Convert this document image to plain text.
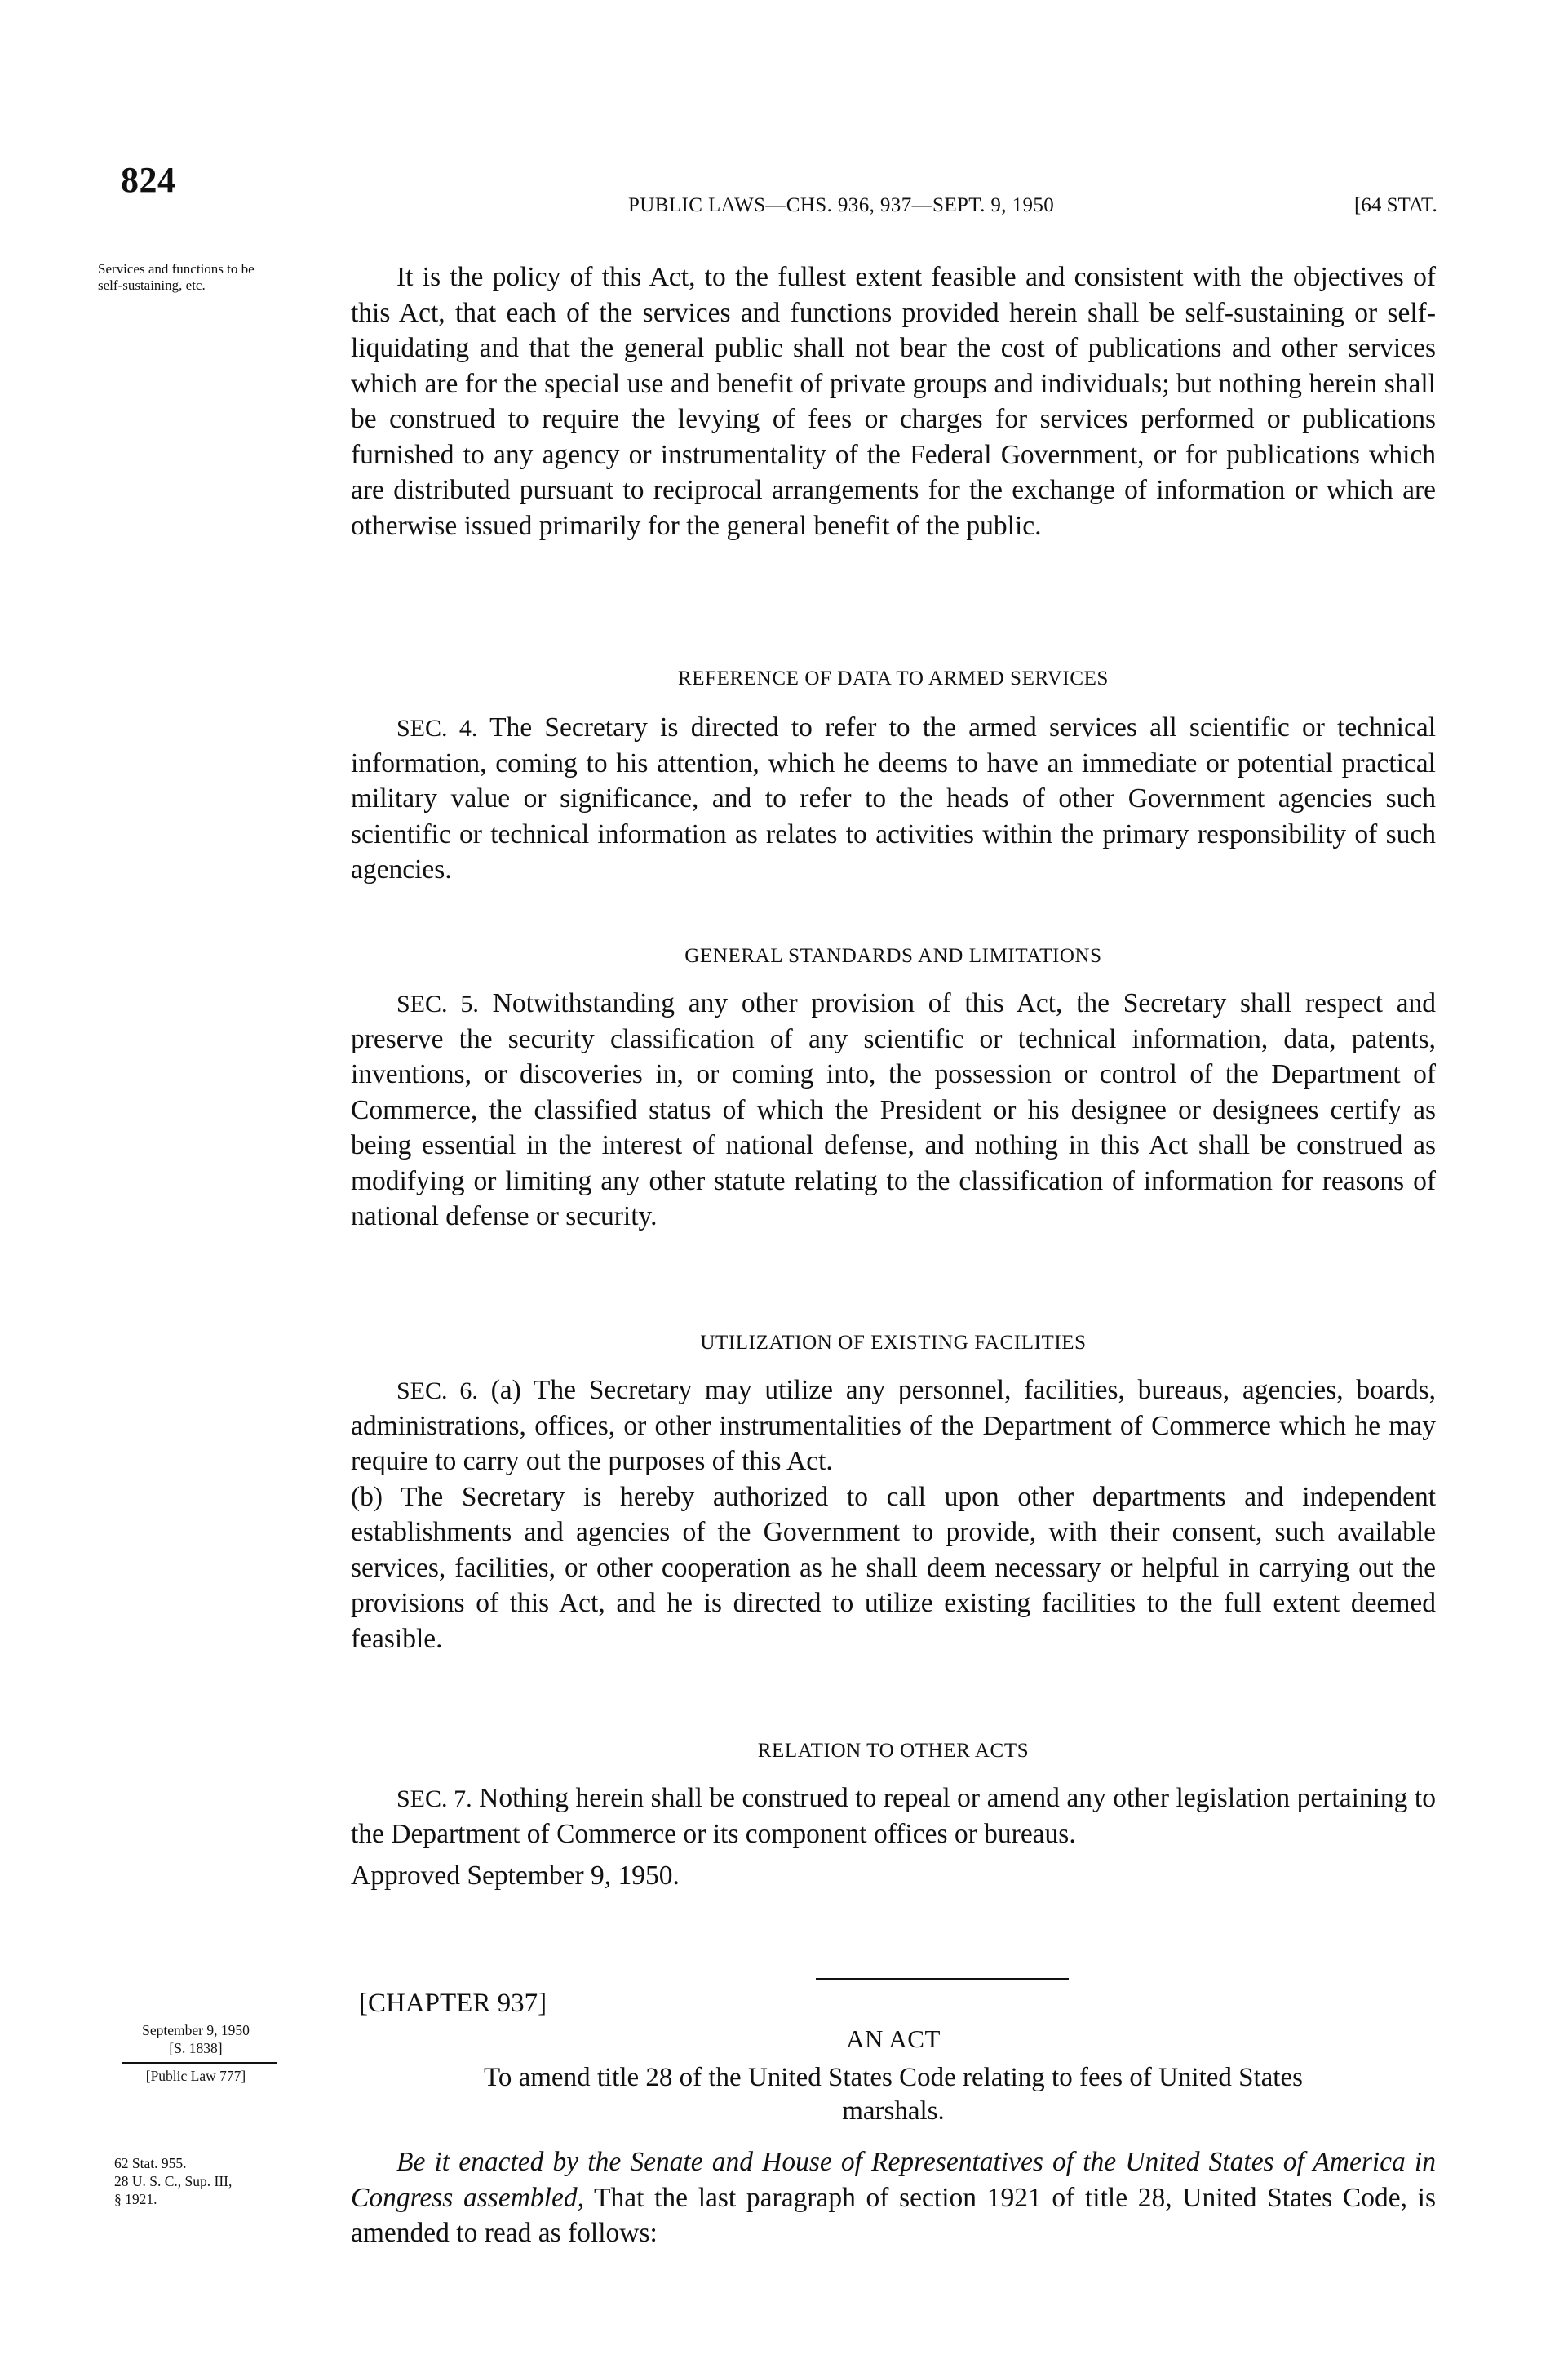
824
PUBLIC LAWS—CHS. 936, 937—SEPT. 9, 1950	[64 STAT.
Services and functions to be self-sustaining, etc.	It is the policy of this Act, to the fullest extent feasible and consistent with the objectives of this Act, that each of the services and functions provided herein shall be self-sustaining or self-liquidating and that the general public shall not bear the cost of publications and other services which are for the special use and benefit of private groups and individuals; but nothing herein shall be construed to require the levying of fees or charges for services performed or publications furnished to any agency or instrumentality of the Federal Government, or for publications which are distributed pursuant to reciprocal arrangements for the exchange of information or which are otherwise issued primarily for the general benefit of the public.
REFERENCE OF DATA TO ARMED SERVICES

SEC. 4. The Secretary is directed to refer to the armed services all scientific or technical information, coming to his attention, which he deems to have an immediate or potential practical military value or significance, and to refer to the heads of other Government agencies such scientific or technical information as relates to activities within the primary responsibility of such agencies.

GENERAL STANDARDS AND LIMITATIONS

SEC. 5. Notwithstanding any other provision of this Act, the Secretary shall respect and preserve the security classification of any scientific or technical information, data, patents, inventions, or discoveries in, or coming into, the possession or control of the Department of Commerce, the classified status of which the President or his designee or designees certify as being essential in the interest of national defense, and nothing in this Act shall be construed as modifying or limiting any other statute relating to the classification of information for reasons of national defense or security.

UTILIZATION OF EXISTING FACILITIES

SEC. 6. (a) The Secretary may utilize any personnel, facilities, bureaus, agencies, boards, administrations, offices, or other instrumentalities of the Department of Commerce which he may require to carry out the purposes of this Act.

(b) The Secretary is hereby authorized to call upon other departments and independent establishments and agencies of the Government to provide, with their consent, such available services, facilities, or other cooperation as he shall deem necessary or helpful in carrying out the provisions of this Act, and he is directed to utilize existing facilities to the full extent deemed feasible.

RELATION TO OTHER ACTS

SEC. 7. Nothing herein shall be construed to repeal or amend any other legislation pertaining to the Department of Commerce or its component offices or bureaus.

Approved September 9, 1950.

[CHAPTER 937]
September 9, 1950
[S. 1838]
[Public Law 777]
AN ACT
To amend title 28 of the United States Code relating to fees of United States
marshals.
62 Stat. 955.
28 U. S. C., Sup. III,
§ 1921.
Be it enacted by the Senate and House of Representatives of the United States of America in Congress assembled, That the last paragraph of section 1921 of title 28, United States Code, is amended to read as follows:
